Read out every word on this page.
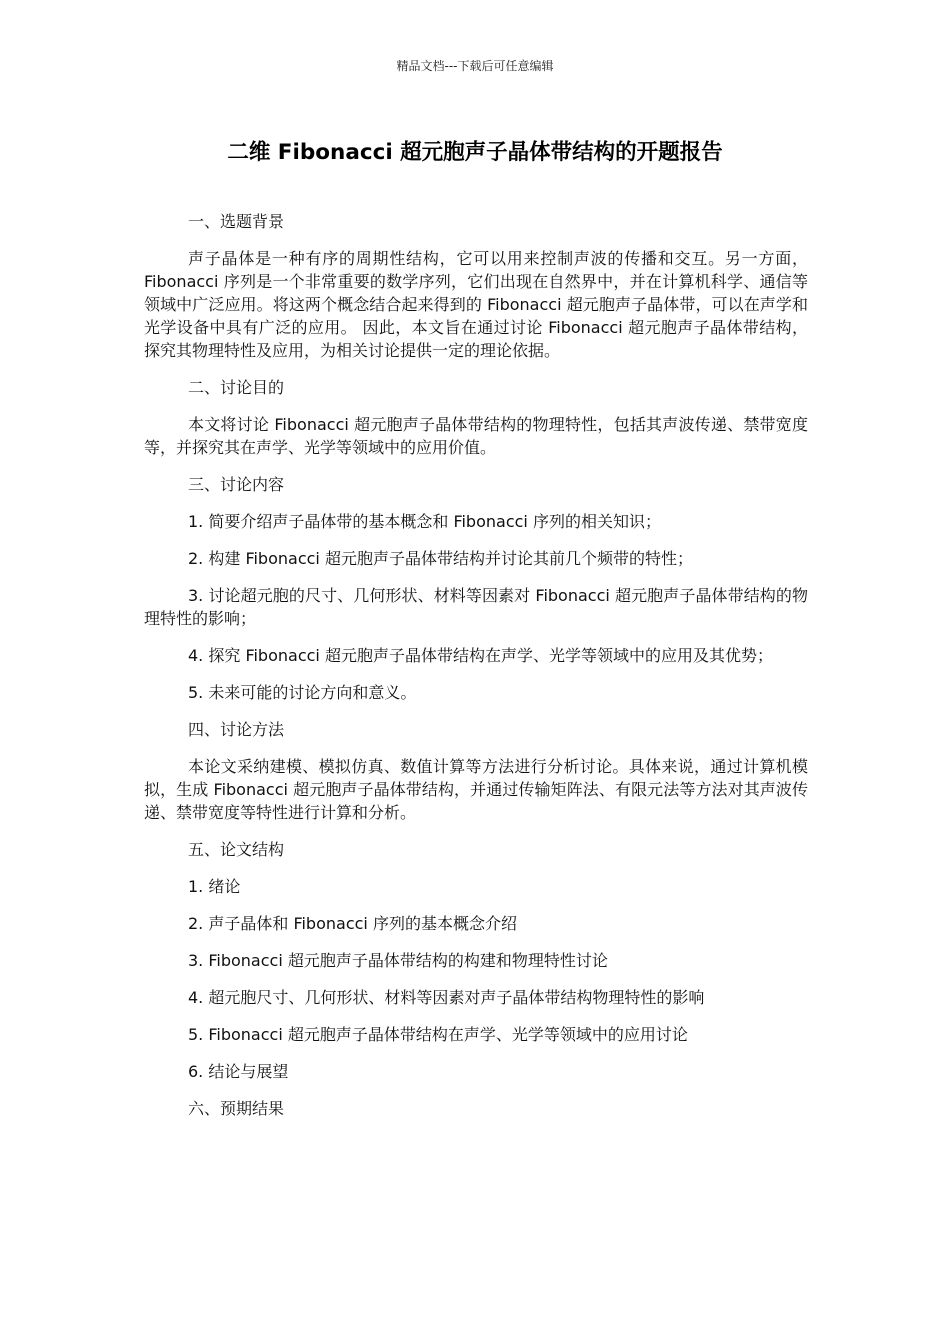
精品文档---下载后可任意编辑
二维 Fibonacci 超元胞声子晶体带结构的开题报告

一、选题背景

声子晶体是一种有序的周期性结构，它可以用来控制声波的传播和交互。另一方面，Fibonacci 序列是一个非常重要的数学序列，它们出现在自然界中，并在计算机科学、通信等领域中广泛应用。将这两个概念结合起来得到的 Fibonacci 超元胞声子晶体带，可以在声学和光学设备中具有广泛的应用。 因此，本文旨在通过讨论 Fibonacci 超元胞声子晶体带结构，探究其物理特性及应用，为相关讨论提供一定的理论依据。

二、讨论目的

本文将讨论 Fibonacci 超元胞声子晶体带结构的物理特性，包括其声波传递、禁带宽度等，并探究其在声学、光学等领域中的应用价值。

三、讨论内容

1. 简要介绍声子晶体带的基本概念和 Fibonacci 序列的相关知识；

2. 构建 Fibonacci 超元胞声子晶体带结构并讨论其前几个频带的特性；

3. 讨论超元胞的尺寸、几何形状、材料等因素对 Fibonacci 超元胞声子晶体带结构的物理特性的影响；

4. 探究 Fibonacci 超元胞声子晶体带结构在声学、光学等领域中的应用及其优势；

5. 未来可能的讨论方向和意义。

四、讨论方法

本论文采纳建模、模拟仿真、数值计算等方法进行分析讨论。具体来说，通过计算机模拟，生成 Fibonacci 超元胞声子晶体带结构，并通过传输矩阵法、有限元法等方法对其声波传递、禁带宽度等特性进行计算和分析。

五、论文结构

1. 绪论

2. 声子晶体和 Fibonacci 序列的基本概念介绍

3. Fibonacci 超元胞声子晶体带结构的构建和物理特性讨论

4. 超元胞尺寸、几何形状、材料等因素对声子晶体带结构物理特性的影响

5. Fibonacci 超元胞声子晶体带结构在声学、光学等领域中的应用讨论

6. 结论与展望

六、预期结果
